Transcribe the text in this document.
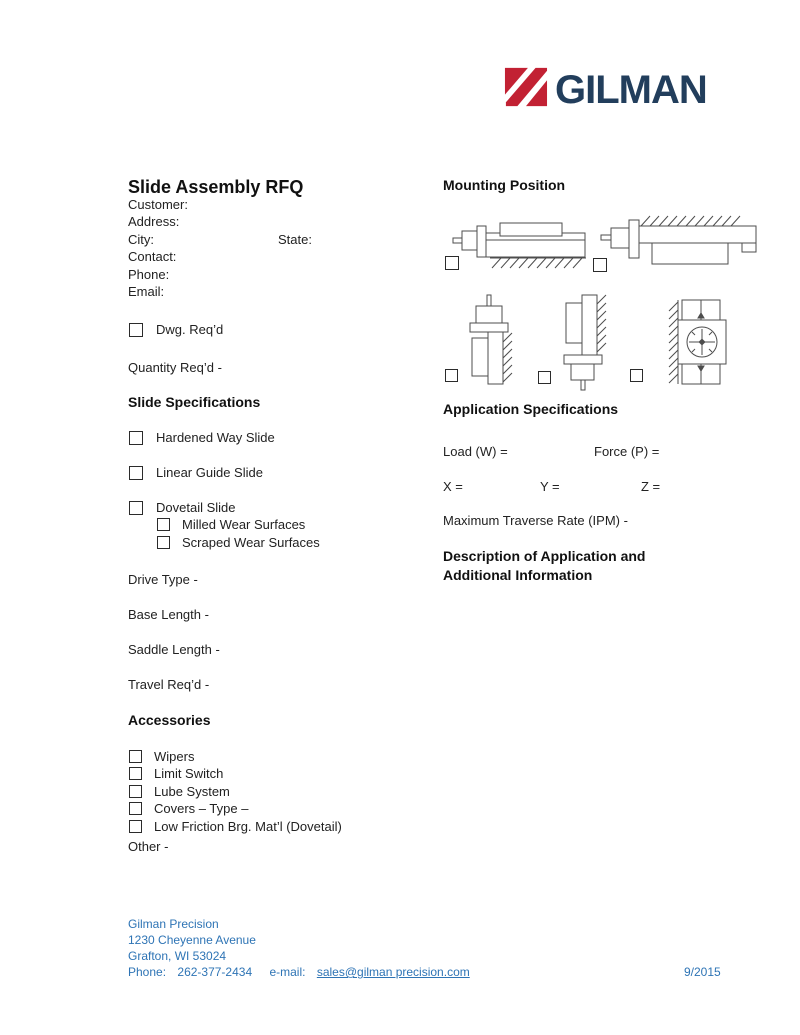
GILMAN
Slide Assembly RFQ
Customer:
Address:
City:	State:
Contact:
Phone:
Email:
Dwg. Req’d
Quantity Req’d -
Slide Specifications
Hardened Way Slide
Linear Guide Slide
Dovetail Slide
Milled Wear Surfaces
Scraped Wear Surfaces
Drive Type -
Base Length -
Saddle Length -
Travel Req’d -
Accessories
Wipers
Limit Switch
Lube System
Covers – Type –
Low Friction Brg. Mat’l (Dovetail)
Other -
Mounting Position
Application Specifications
Load (W) =	Force (P) =
X =	Y =	Z =
Maximum Traverse Rate (IPM) -
Description of Application and
Additional Information
Gilman Precision
1230 Cheyenne Avenue
Grafton, WI 53024
Phone: 262-377-2434 e-mail: sales@gilman precision.com	9/2015
